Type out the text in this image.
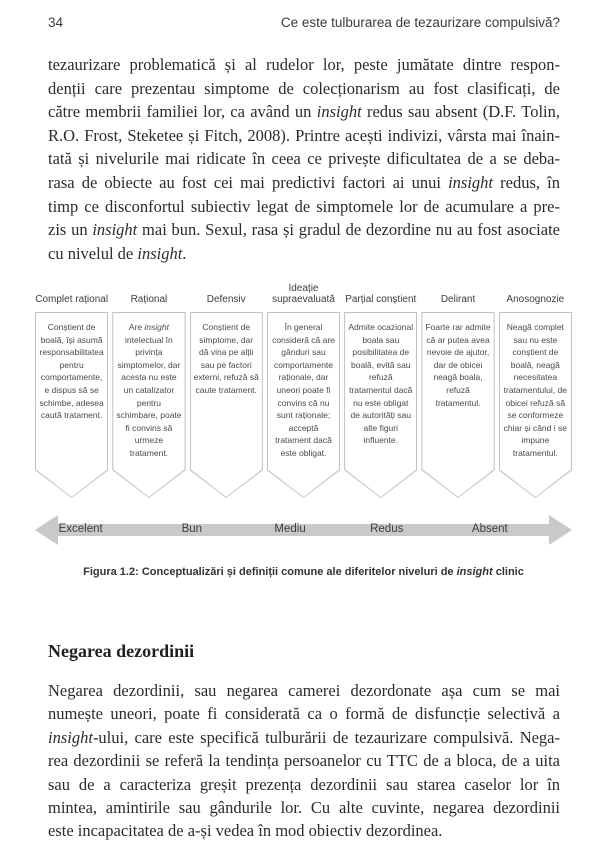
34	Ce este tulburarea de tezaurizare compulsivă?
tezaurizare problematică și al rudelor lor, peste jumătate dintre respon-
denții care prezentau simptome de colecționarism au fost clasificați, de
către membrii familiei lor, ca având un insight redus sau absent (D.F. Tolin,
R.O. Frost, Steketee și Fitch, 2008). Printre acești indivizi, vârsta mai înain-
tată și nivelurile mai ridicate în ceea ce privește dificultatea de a se deba-
rasa de obiecte au fost cei mai predictivi factori ai unui insight redus, în
timp ce disconfortul subiectiv legat de simptomele lor de acumulare a pre-
zis un insight mai bun. Sexul, rasa și gradul de dezordine nu au fost asociate
cu nivelul de insight.
Complet rațional	Rațional	Defensiv
Ideație supraevaluată	Parțial conștient	Delirant	Anosognozie
Conștient de boală, își asumă responsabilitatea pentru comportamente, e dispus să se schimbe, adesea caută tratament.
Are insight intelectual în privința simptomelor, dar acesta nu este un catalizator pentru schimbare, poate fi convins să urmeze tratament.
Conștient de simptome, dar dă vina pe alții sau pe factori externi, refuză să caute tratament.
În general consideră că are gânduri sau comportamente raționale, dar uneori poate fi convins că nu sunt raționale; acceptă tratament dacă este obligat.
Admite ocazional boala sau posibilitatea de boală, evită sau refuză tratamentul dacă nu este obligat de autorități sau alte figuri influente.
Foarte rar admite că ar putea avea nevoie de ajutor, dar de obicei neagă boala, refuză tratamentul.
Neagă complet sau nu este conștient de boală, neagă necesitatea tratamentului, de obicei refuză să se conformeze chiar și când i se impune tratamentul.
Excelent	Bun	Mediu	Redus	Absent
Figura 1.2: Conceptualizări și definiții comune ale diferitelor niveluri de insight clinic
Negarea dezordinii
Negarea dezordinii, sau negarea camerei dezordonate așa cum se mai
numește uneori, poate fi considerată ca o formă de disfuncție selectivă a
insight-ului, care este specifică tulburării de tezaurizare compulsivă. Nega-
rea dezordinii se referă la tendința persoanelor cu TTC de a bloca, de a uita
sau de a caracteriza greșit prezența dezordinii sau starea caselor lor în
mintea, amintirile sau gândurile lor. Cu alte cuvinte, negarea dezordinii
este incapacitatea de a-și vedea în mod obiectiv dezordinea.
